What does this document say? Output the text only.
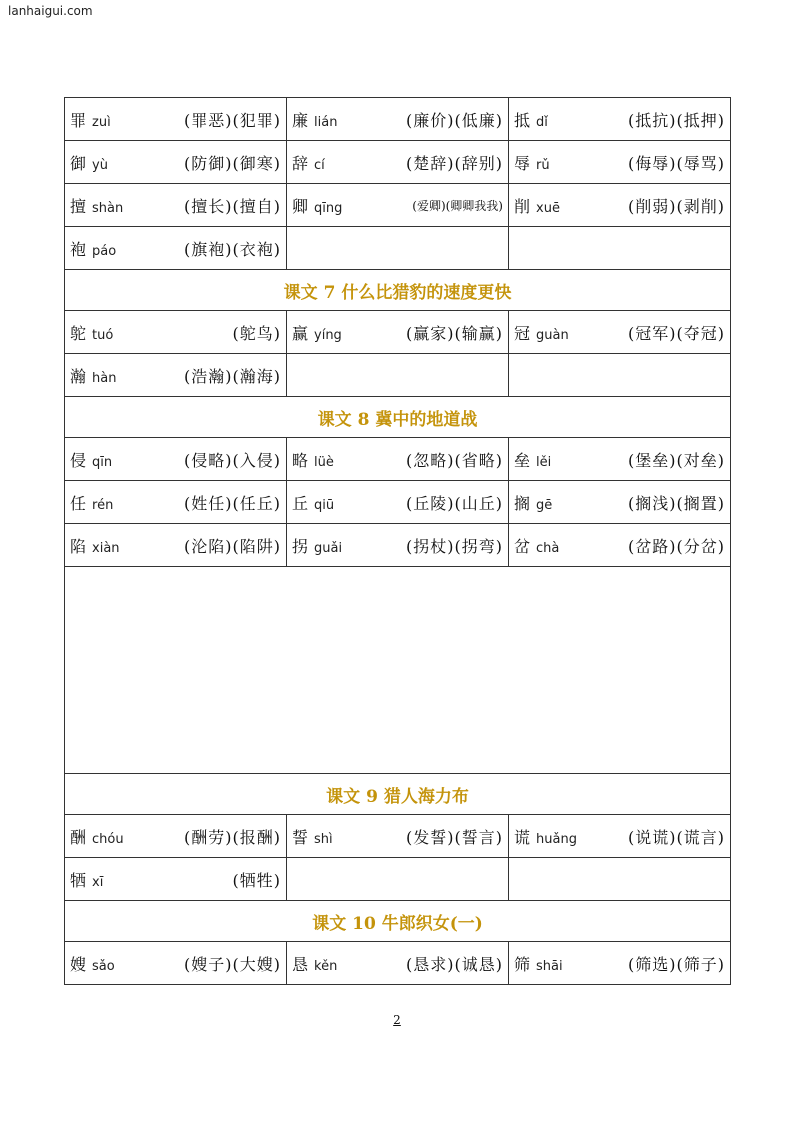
lanhaigui.com
罪 zuì (罪恶)(犯罪)	廉 lián (廉价)(低廉)	抵 dǐ (抵抗)(抵押)

御 yù (防御)(御寒)	辞 cí (楚辞)(辞别)	辱 rǔ (侮辱)(辱骂)

擅 shàn (擅长)(擅自)	卿 qīng (爱卿)(卿卿我我)	削 xuē (削弱)(剥削)

袍 páo (旗袍)(衣袍)		

课文 7 什么比猎豹的速度更快		

鸵 tuó (鸵鸟)	赢 yíng (赢家)(输赢)	冠 guàn (冠军)(夺冠)

瀚 hàn (浩瀚)(瀚海)		

课文 8 冀中的地道战		

侵 qīn (侵略)(入侵)	略 lüè (忽略)(省略)	垒 lěi (堡垒)(对垒)

任 rén (姓任)(任丘)	丘 qiū (丘陵)(山丘)	搁 gē (搁浅)(搁置)

陷 xiàn (沦陷)(陷阱)	拐 guǎi (拐杖)(拐弯)	岔 chà (岔路)(分岔)

课文 9 猎人海力布		

酬 chóu (酬劳)(报酬)	誓 shì (发誓)(誓言)	谎 huǎng (说谎)(谎言)

牺 xī (牺牲)		

课文 10 牛郎织女(一)		

嫂 sǎo (嫂子)(大嫂)	恳 kěn (恳求)(诚恳)	筛 shāi (筛选)(筛子)
2
